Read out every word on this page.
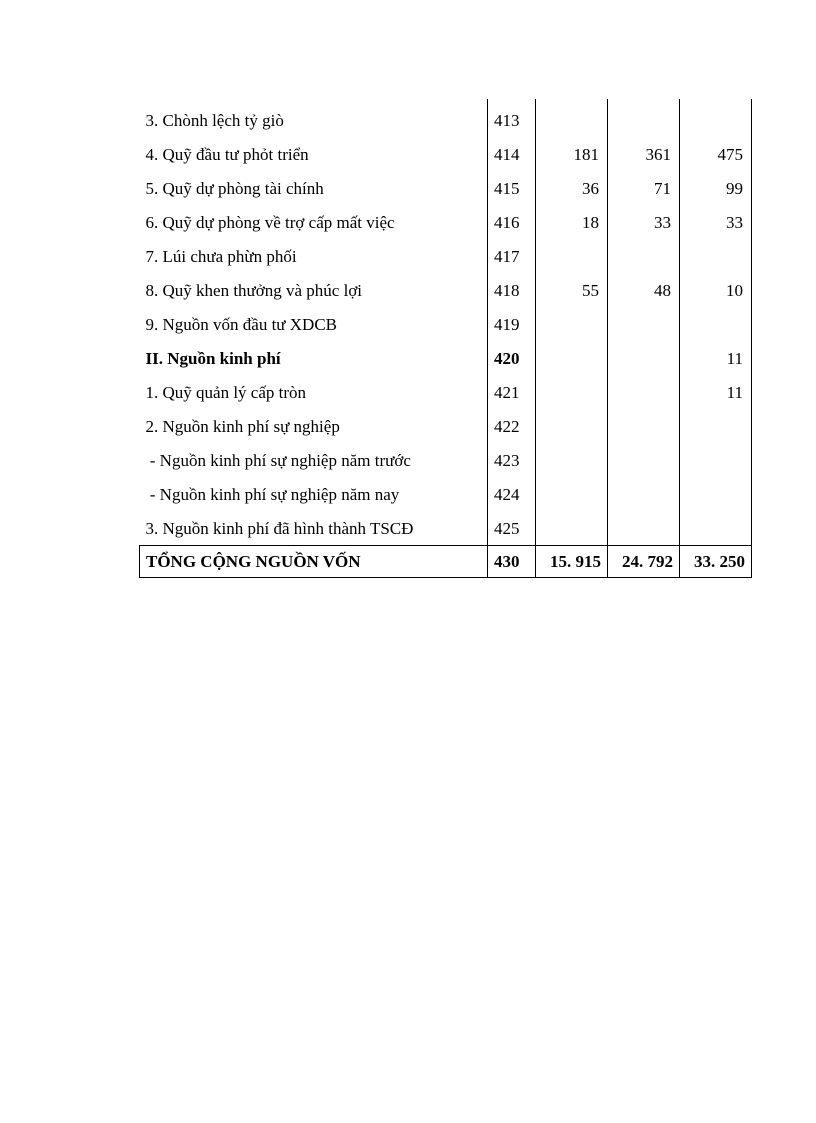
3. Chònh lệch tỷ giò	413			
4. Quỹ đầu tư phỏt triển	414	181	361	475
5. Quỹ dự phòng tài chính	415	36	71	99
6. Quỹ dự phòng về trợ cấp mất việc	416	18	33	33
7. Lúi chưa phừn phối	417			
8. Quỹ khen thưởng và phúc lợi	418	55	48	10
9. Nguồn vốn đầu tư XDCB	419			
II. Nguồn kinh phí	420			11
1. Quỹ quản lý cấp tròn	421			11
2. Nguồn kinh phí sự nghiệp	422			
- Nguồn kinh phí sự nghiệp năm trước	423			
- Nguồn kinh phí sự nghiệp năm nay	424			
3. Nguồn kinh phí đã hình thành TSCĐ	425			
TỔNG CỘNG NGUỒN VỐN	430	15. 915	24. 792	33. 250
